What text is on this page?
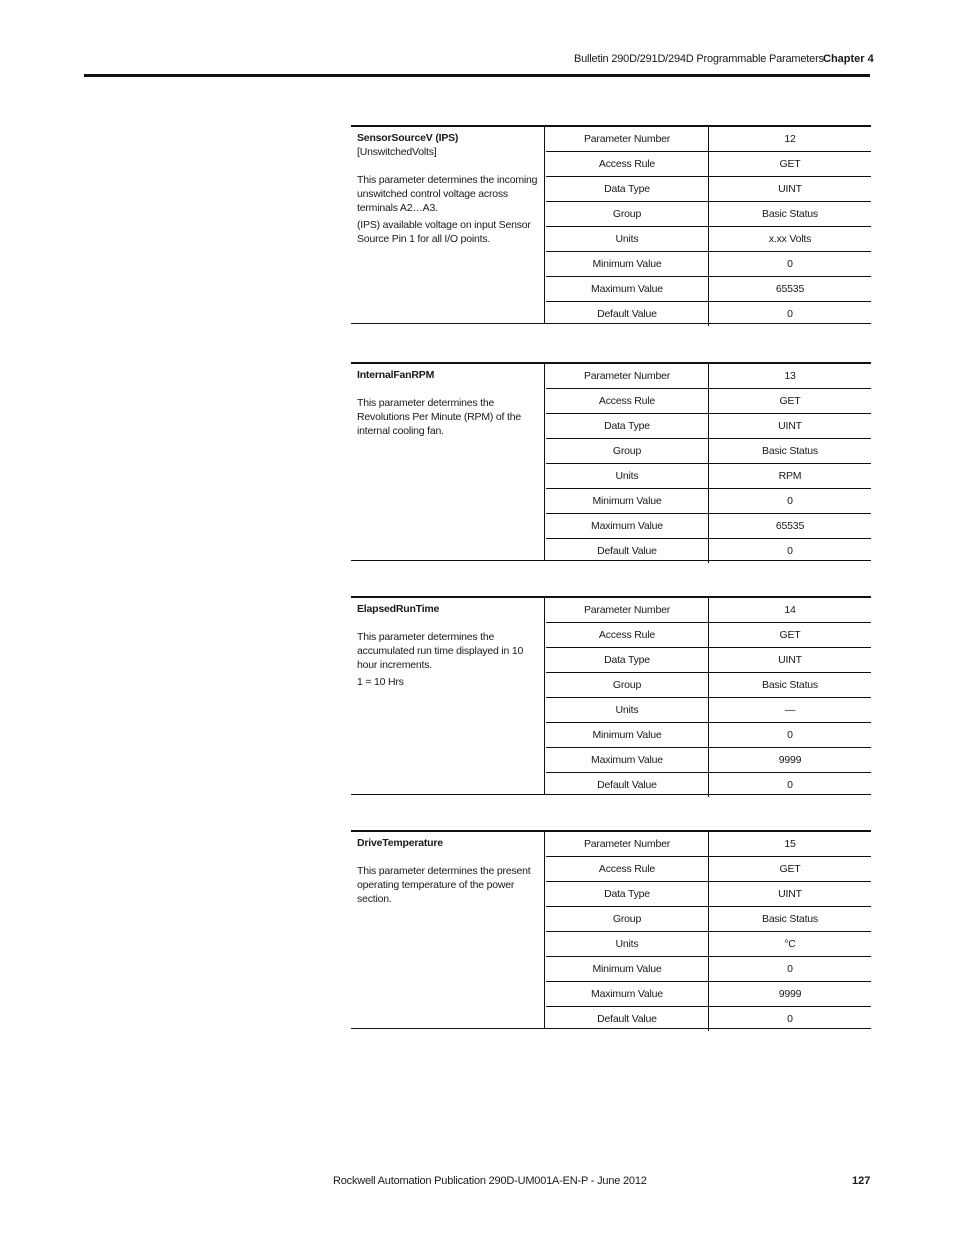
Bulletin 290D/291D/294D Programmable Parameters Chapter 4
SensorSourceV (IPS)
[UnswitchedVolts]
This parameter determines the incoming unswitched control voltage across terminals A2…A3.
(IPS) available voltage on input Sensor Source Pin 1 for all I/O points.
Parameter Number	12
Access Rule	GET
Data Type	UINT
Group	Basic Status
Units	x.xx Volts
Minimum Value	0
Maximum Value	65535
Default Value	0
InternalFanRPM
This parameter determines the Revolutions Per Minute (RPM) of the internal cooling fan.
Parameter Number	13
Access Rule	GET
Data Type	UINT
Group	Basic Status
Units	RPM
Minimum Value	0
Maximum Value	65535
Default Value	0
ElapsedRunTime
This parameter determines the accumulated run time displayed in 10 hour increments.
1 = 10 Hrs
Parameter Number	14
Access Rule	GET
Data Type	UINT
Group	Basic Status
Units	—
Minimum Value	0
Maximum Value	9999
Default Value	0
DriveTemperature
This parameter determines the present operating temperature of the power section.
Parameter Number	15
Access Rule	GET
Data Type	UINT
Group	Basic Status
Units	°C
Minimum Value	0
Maximum Value	9999
Default Value	0
Rockwell Automation Publication 290D-UM001A-EN-P - June 2012	127
